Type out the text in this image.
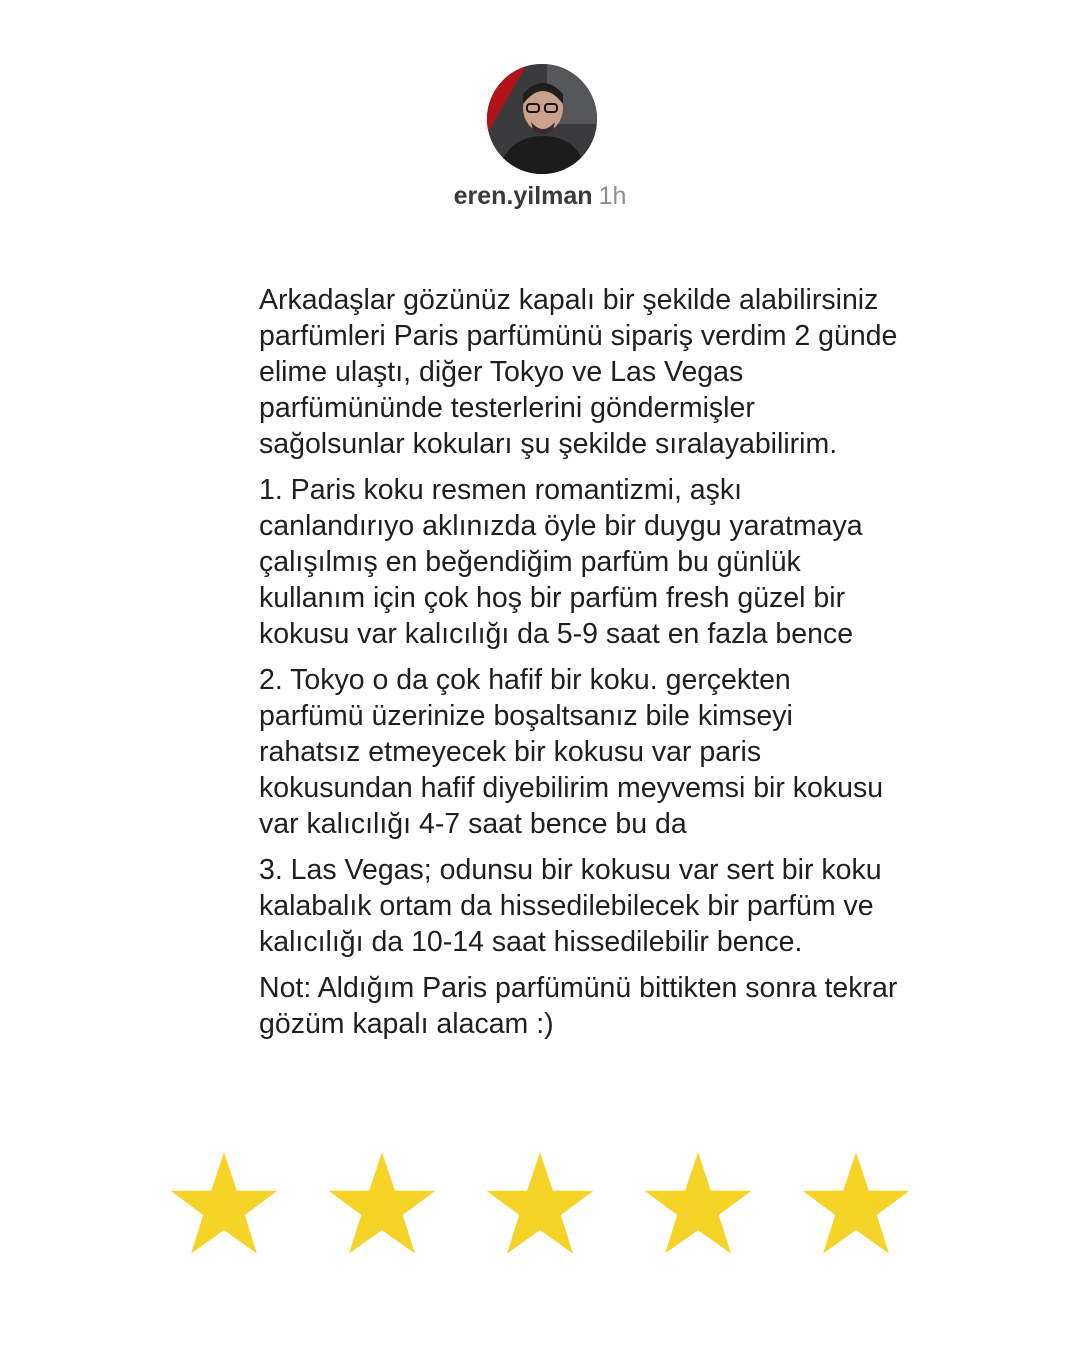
eren.yilman 1h

Arkadaşlar gözünüz kapalı bir şekilde alabilirsiniz parfümleri Paris parfümünü sipariş verdim 2 günde elime ulaştı, diğer Tokyo ve Las Vegas parfümününde testerlerini göndermişler sağolsunlar kokuları şu şekilde sıralayabilirim.

1. Paris koku resmen romantizmi, aşkı canlandırıyo aklınızda öyle bir duygu yaratmaya çalışılmış en beğendiğim parfüm bu günlük kullanım için çok hoş bir parfüm fresh güzel bir kokusu var kalıcılığı da 5-9 saat en fazla bence

2. Tokyo o da çok hafif bir koku. gerçekten parfümü üzerinize boşaltsanız bile kimseyi rahatsız etmeyecek bir kokusu var paris kokusundan hafif diyebilirim meyvemsi bir kokusu var kalıcılığı 4-7 saat bence bu da

3. Las Vegas; odunsu bir kokusu var sert bir koku kalabalık ortam da hissedilebilecek bir parfüm ve kalıcılığı da 10-14 saat hissedilebilir bence.

Not: Aldığım Paris parfümünü bittikten sonra tekrar gözüm kapalı alacam :)
